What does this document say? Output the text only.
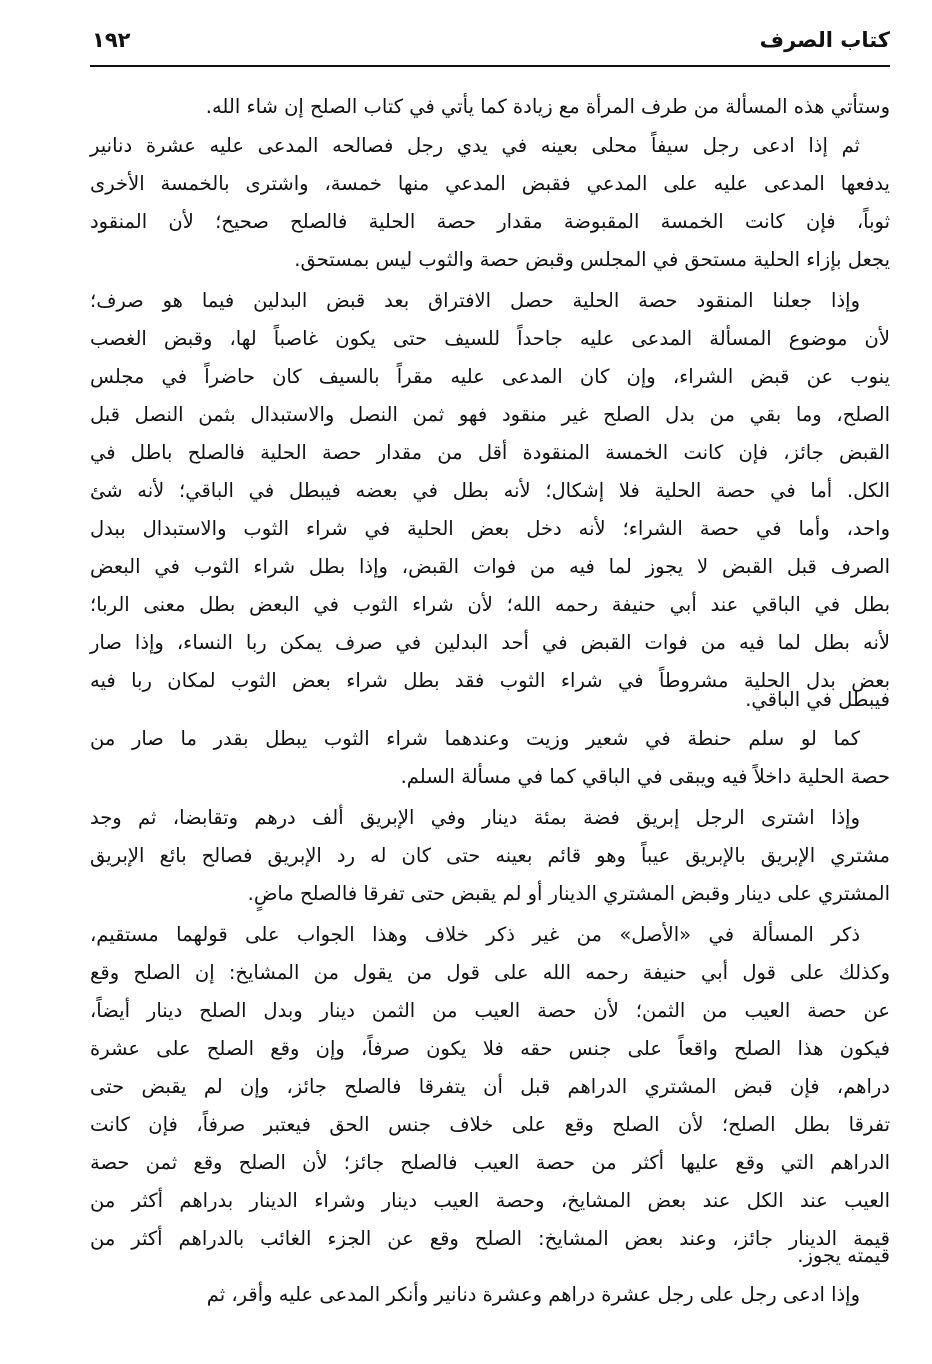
كتاب الصرف
١٩٢
وستأتي هذه المسألة من طرف المرأة مع زيادة كما يأتي في كتاب الصلح إن شاء الله.
ثم إذا ادعى رجل سيفاً محلى بعينه في يدي رجل فصالحه المدعى عليه عشرة دنانير
يدفعها المدعى عليه على المدعي فقبض المدعي منها خمسة، واشترى بالخمسة الأخرى
ثوباً، فإن كانت الخمسة المقبوضة مقدار حصة الحلية فالصلح صحيح؛ لأن المنقود
يجعل بإزاء الحلية مستحق في المجلس وقبض حصة والثوب ليس بمستحق.
وإذا جعلنا المنقود حصة الحلية حصل الافتراق بعد قبض البدلين فيما هو صرف؛
لأن موضوع المسألة المدعى عليه جاحداً للسيف حتى يكون غاصباً لها، وقبض الغصب
ينوب عن قبض الشراء، وإن كان المدعى عليه مقراً بالسيف كان حاضراً في مجلس
الصلح، وما بقي من بدل الصلح غير منقود فهو ثمن النصل والاستبدال بثمن النصل قبل
القبض جائز، فإن كانت الخمسة المنقودة أقل من مقدار حصة الحلية فالصلح باطل في
الكل. أما في حصة الحلية فلا إشكال؛ لأنه بطل في بعضه فيبطل في الباقي؛ لأنه شئ
واحد، وأما في حصة الشراء؛ لأنه دخل بعض الحلية في شراء الثوب والاستبدال ببدل
الصرف قبل القبض لا يجوز لما فيه من فوات القبض، وإذا بطل شراء الثوب في البعض
بطل في الباقي عند أبي حنيفة رحمه الله؛ لأن شراء الثوب في البعض بطل معنى الربا؛
لأنه بطل لما فيه من فوات القبض في أحد البدلين في صرف يمكن ربا النساء، وإذا صار
بعض بدل الحلية مشروطاً في شراء الثوب فقد بطل شراء بعض الثوب لمكان ربا فيه
فيبطل في الباقي.
كما لو سلم حنطة في شعير وزيت وعندهما شراء الثوب يبطل بقدر ما صار من
حصة الحلية داخلاً فيه ويبقى في الباقي كما في مسألة السلم.
وإذا اشترى الرجل إبريق فضة بمئة دينار وفي الإبريق ألف درهم وتقابضا، ثم وجد
مشتري الإبريق بالإبريق عيباً وهو قائم بعينه حتى كان له رد الإبريق فصالح بائع الإبريق
المشتري على دينار وقبض المشتري الدينار أو لم يقبض حتى تفرقا فالصلح ماضٍ.
ذكر المسألة في «الأصل» من غير ذكر خلاف وهذا الجواب على قولهما مستقيم،
وكذلك على قول أبي حنيفة رحمه الله على قول من يقول من المشايخ: إن الصلح وقع
عن حصة العيب من الثمن؛ لأن حصة العيب من الثمن دينار وبدل الصلح دينار أيضاً،
فيكون هذا الصلح واقعاً على جنس حقه فلا يكون صرفاً، وإن وقع الصلح على عشرة
دراهم، فإن قبض المشتري الدراهم قبل أن يتفرقا فالصلح جائز، وإن لم يقبض حتى
تفرقا بطل الصلح؛ لأن الصلح وقع على خلاف جنس الحق فيعتبر صرفاً، فإن كانت
الدراهم التي وقع عليها أكثر من حصة العيب فالصلح جائز؛ لأن الصلح وقع ثمن حصة
العيب عند الكل عند بعض المشايخ، وحصة العيب دينار وشراء الدينار بدراهم أكثر من
قيمة الدينار جائز، وعند بعض المشايخ: الصلح وقع عن الجزء الغائب بالدراهم أكثر من
قيمته يجوز.
وإذا ادعى رجل على رجل عشرة دراهم وعشرة دنانير وأنكر المدعى عليه وأقر، ثم
